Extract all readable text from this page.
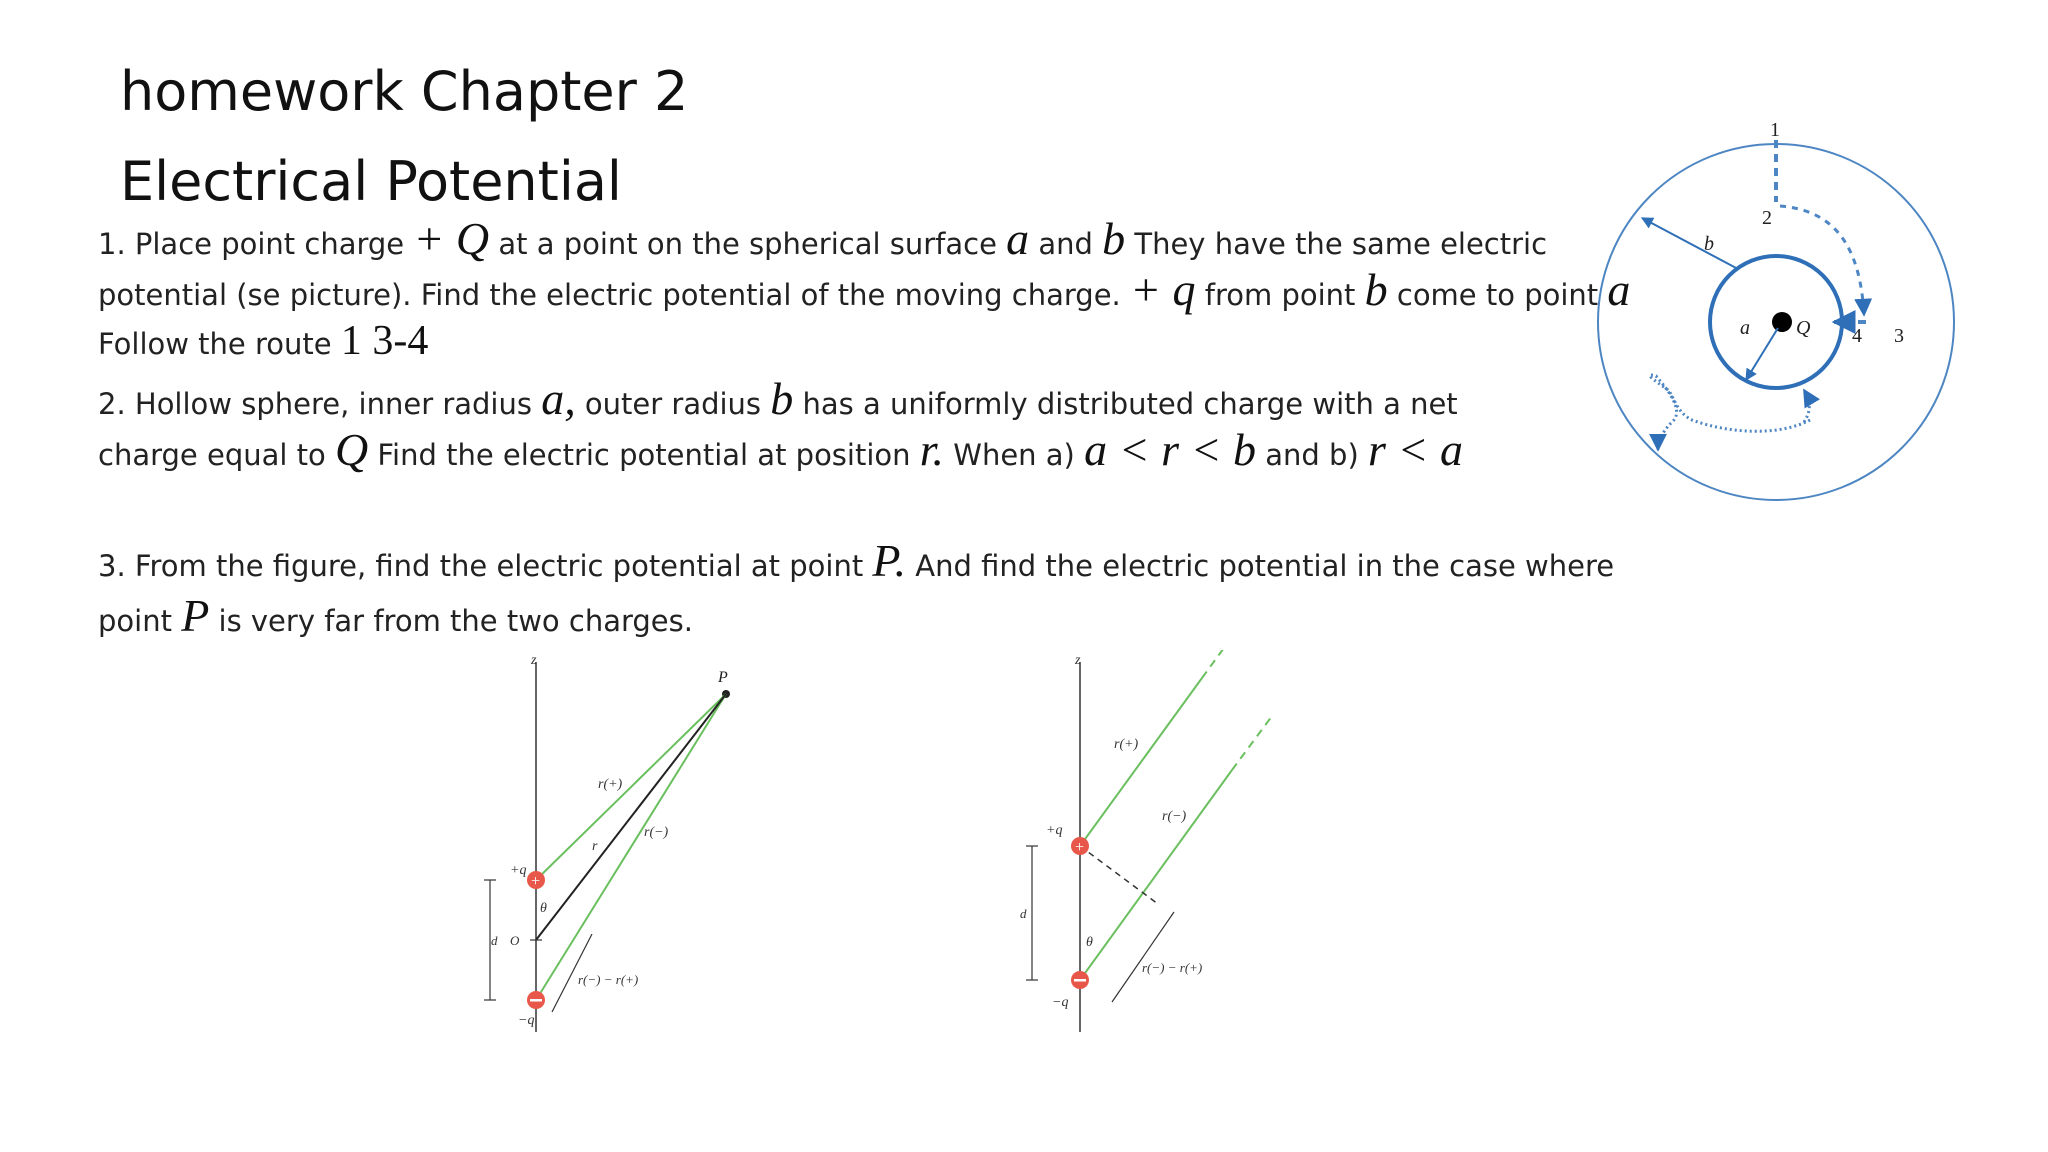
homework Chapter 2
Electrical Potential
1. Place point charge + Q at a point on the spherical surface a and b They have the same electric potential (se picture). Find the electric potential of the moving charge. + q from point b come to point a Follow the route 1 3-4
2. Hollow sphere, inner radius a, outer radius b has a uniformly distributed charge with a net charge equal to Q Find the electric potential at position r. When a) a < r < b and b) r < a
3. From the figure, find the electric potential at point P. And find the electric potential in the case where point P is very far from the two charges.
1
2
3
4
a
b
Q
z
P
r(+)
r
r(−)
+
+q
−q
θ
d O
r(−) − r(+)
z
r(+)
r(−)
+
+q
−q
θ
d
r(−) − r(+)
